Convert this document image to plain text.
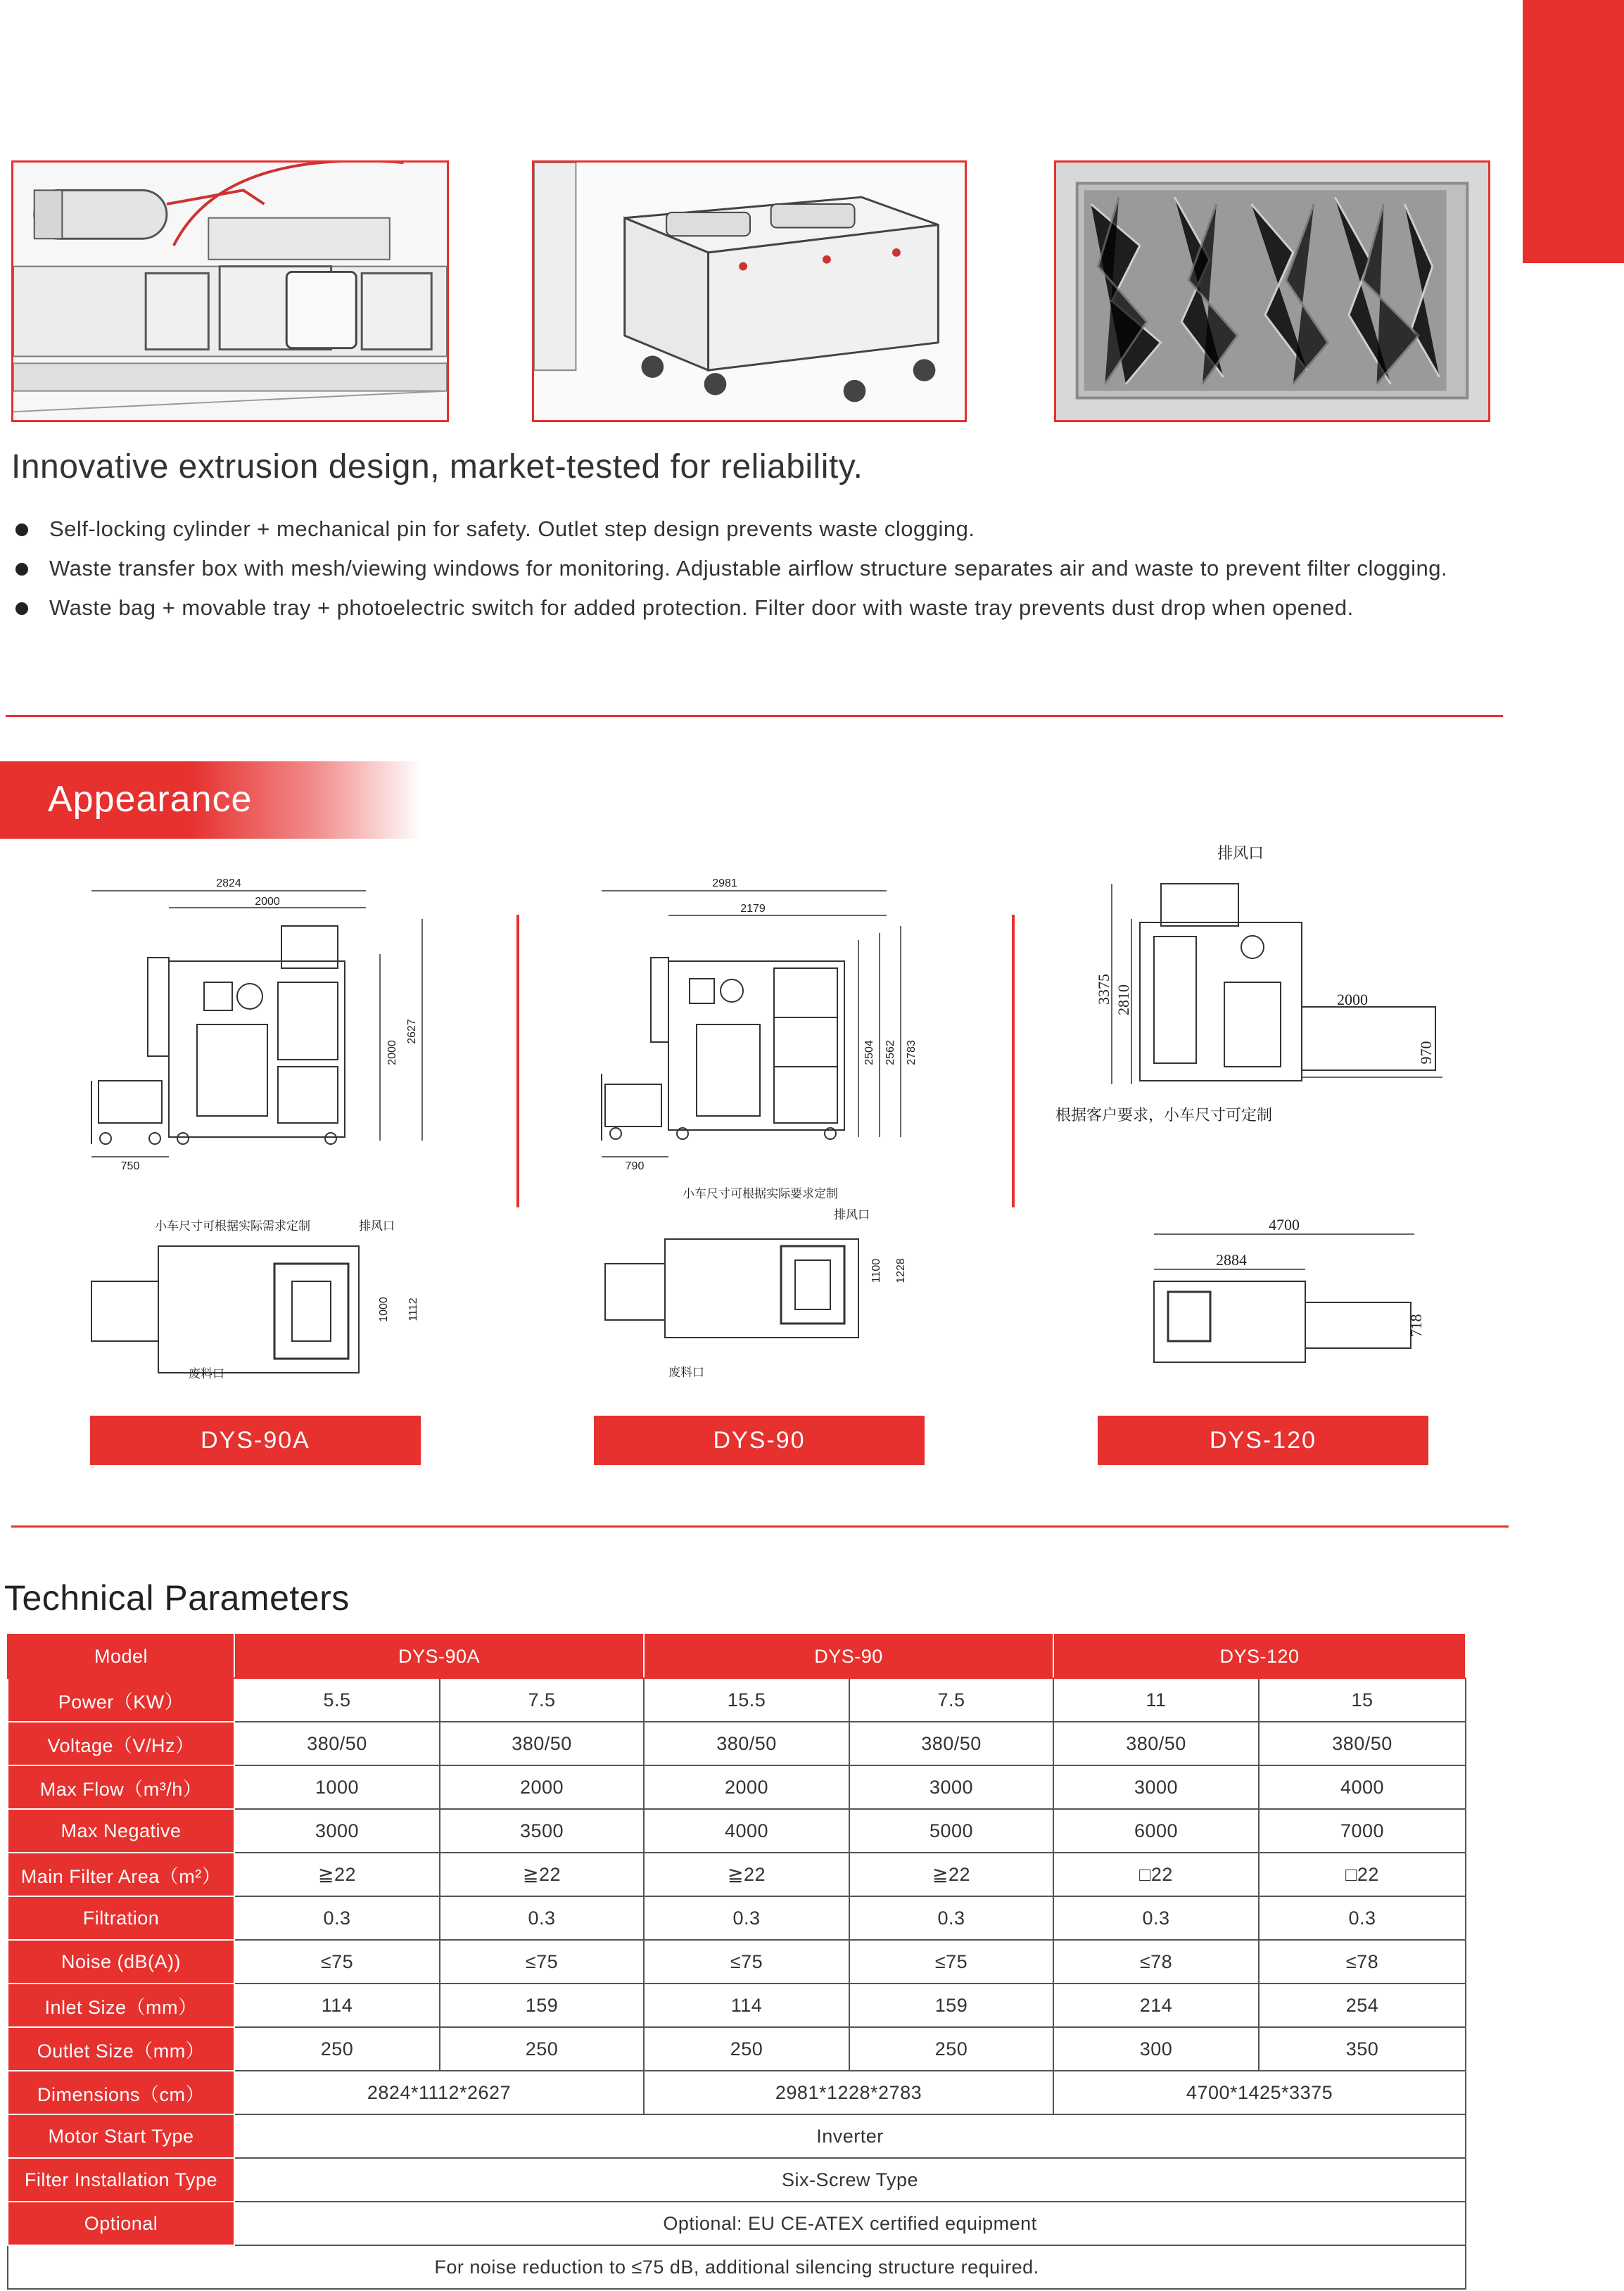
Innovative extrusion design, market-tested for reliability.
Self-locking cylinder + mechanical pin for safety. Outlet step design prevents waste clogging.
Waste transfer box with mesh/viewing windows for monitoring. Adjustable airflow structure separates air and waste to prevent filter clogging.
Waste bag + movable tray + photoelectric switch for added protection. Filter door with waste tray prevents dust drop when opened.
Appearance
2824
2000
750
2000
2627
小车尺寸可根据实际需求定制	排风口
废料口
1000 1112
2981
2179
790
2504 2562 2783
小车尺寸可根据实际要求定制
排风口
废料口
1100 1228
排风口
2000
3375 2810
970
根据客户要求，小车尺寸可定制
4700
2884
718
DYS-90A	DYS-90	DYS-120
Technical Parameters
Model	DYS-90A		DYS-90		DYS-120	
Power（KW）	5.5	7.5	15.5	7.5	11	15
Voltage（V/Hz）	380/50	380/50	380/50	380/50	380/50	380/50
Max Flow（m³/h）	1000	2000	2000	3000	3000	4000
Max Negative	3000	3500	4000	5000	6000	7000
Main Filter Area（m²）	≧22	≧22	≧22	≧22	□22	□22
Filtration	0.3	0.3	0.3	0.3	0.3	0.3
Noise (dB(A))	≤75	≤75	≤75	≤75	≤78	≤78
Inlet Size（mm）	114	159	114	159	214	254
Outlet Size（mm）	250	250	250	250	300	350
Dimensions（cm）	2824*1112*2627		2981*1228*2783		4700*1425*3375	
Motor Start Type	Inverter					
Filter Installation Type	Six-Screw Type					
Optional	Optional: EU CE-ATEX certified equipment					
For noise reduction to ≤75 dB, additional silencing structure required.						
